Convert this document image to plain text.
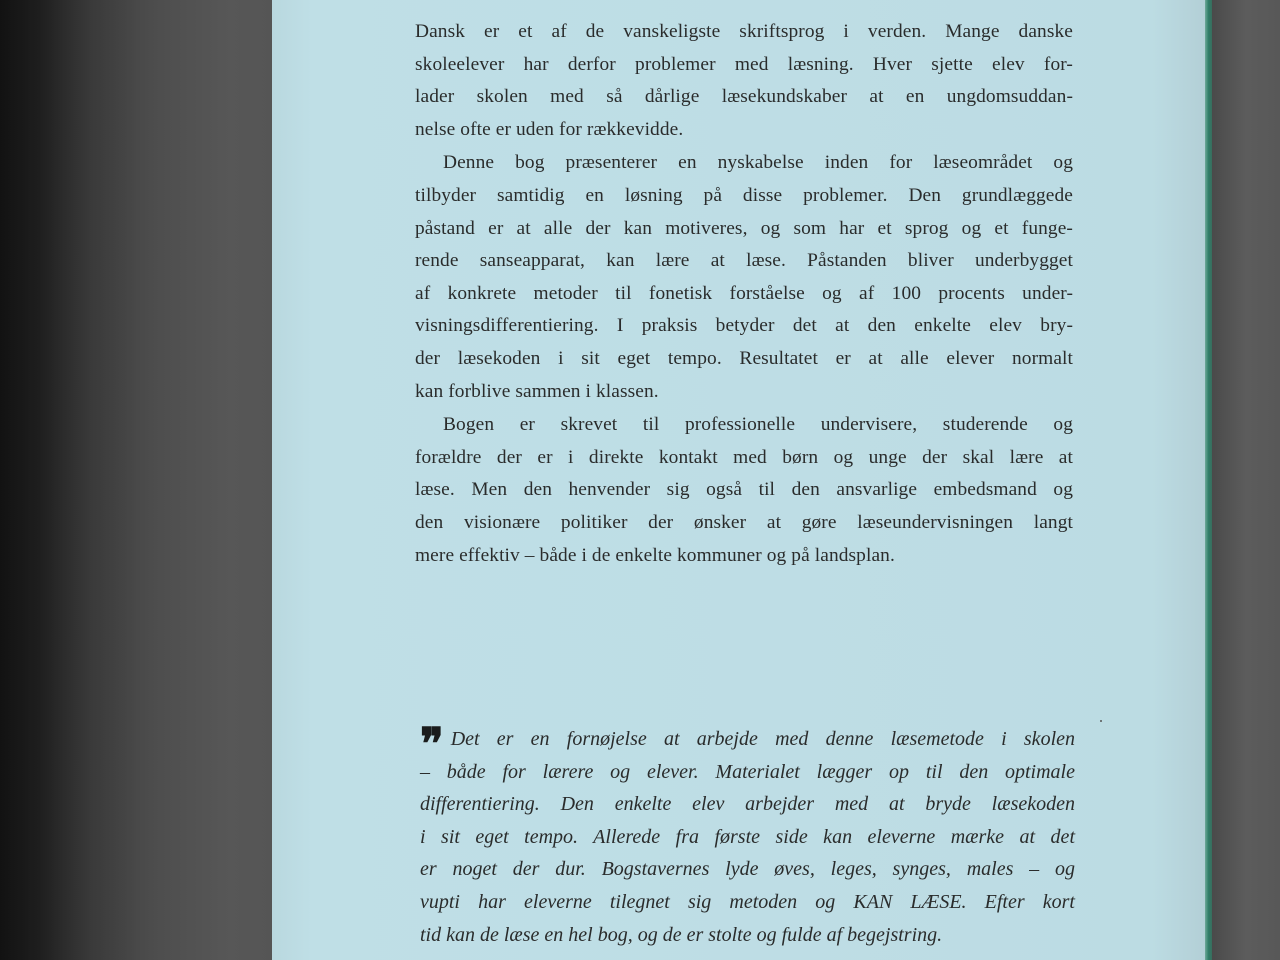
Dansk er et af de vanskeligste skriftsprog i verden. Mange danske
skoleelever har derfor problemer med læsning. Hver sjette elev for-
lader skolen med så dårlige læsekundskaber at en ungdomsuddan-
nelse ofte er uden for rækkevidde.
Denne bog præsenterer en nyskabelse inden for læseområdet og
tilbyder samtidig en løsning på disse problemer. Den grundlæggede
påstand er at alle der kan motiveres, og som har et sprog og et funge-
rende sanseapparat, kan lære at læse. Påstanden bliver underbygget
af konkrete metoder til fonetisk forståelse og af 100 procents under-
visningsdifferentiering. I praksis betyder det at den enkelte elev bry-
der læsekoden i sit eget tempo. Resultatet er at alle elever normalt
kan forblive sammen i klassen.
Bogen er skrevet til professionelle undervisere, studerende og
forældre der er i direkte kontakt med børn og unge der skal lære at
læse. Men den henvender sig også til den ansvarlige embedsmand og
den visionære politiker der ønsker at gøre læseundervisningen langt
mere effektiv – både i de enkelte kommuner og på landsplan.
❞ Det er en fornøjelse at arbejde med denne læsemetode i skolen
– både for lærere og elever. Materialet lægger op til den optimale
differentiering. Den enkelte elev arbejder med at bryde læsekoden
i sit eget tempo. Allerede fra første side kan eleverne mærke at det
er noget der dur. Bogstavernes lyde øves, leges, synges, males – og
vupti har eleverne tilegnet sig metoden og KAN LÆSE. Efter kort
tid kan de læse en hel bog, og de er stolte og fulde af begejstring.
